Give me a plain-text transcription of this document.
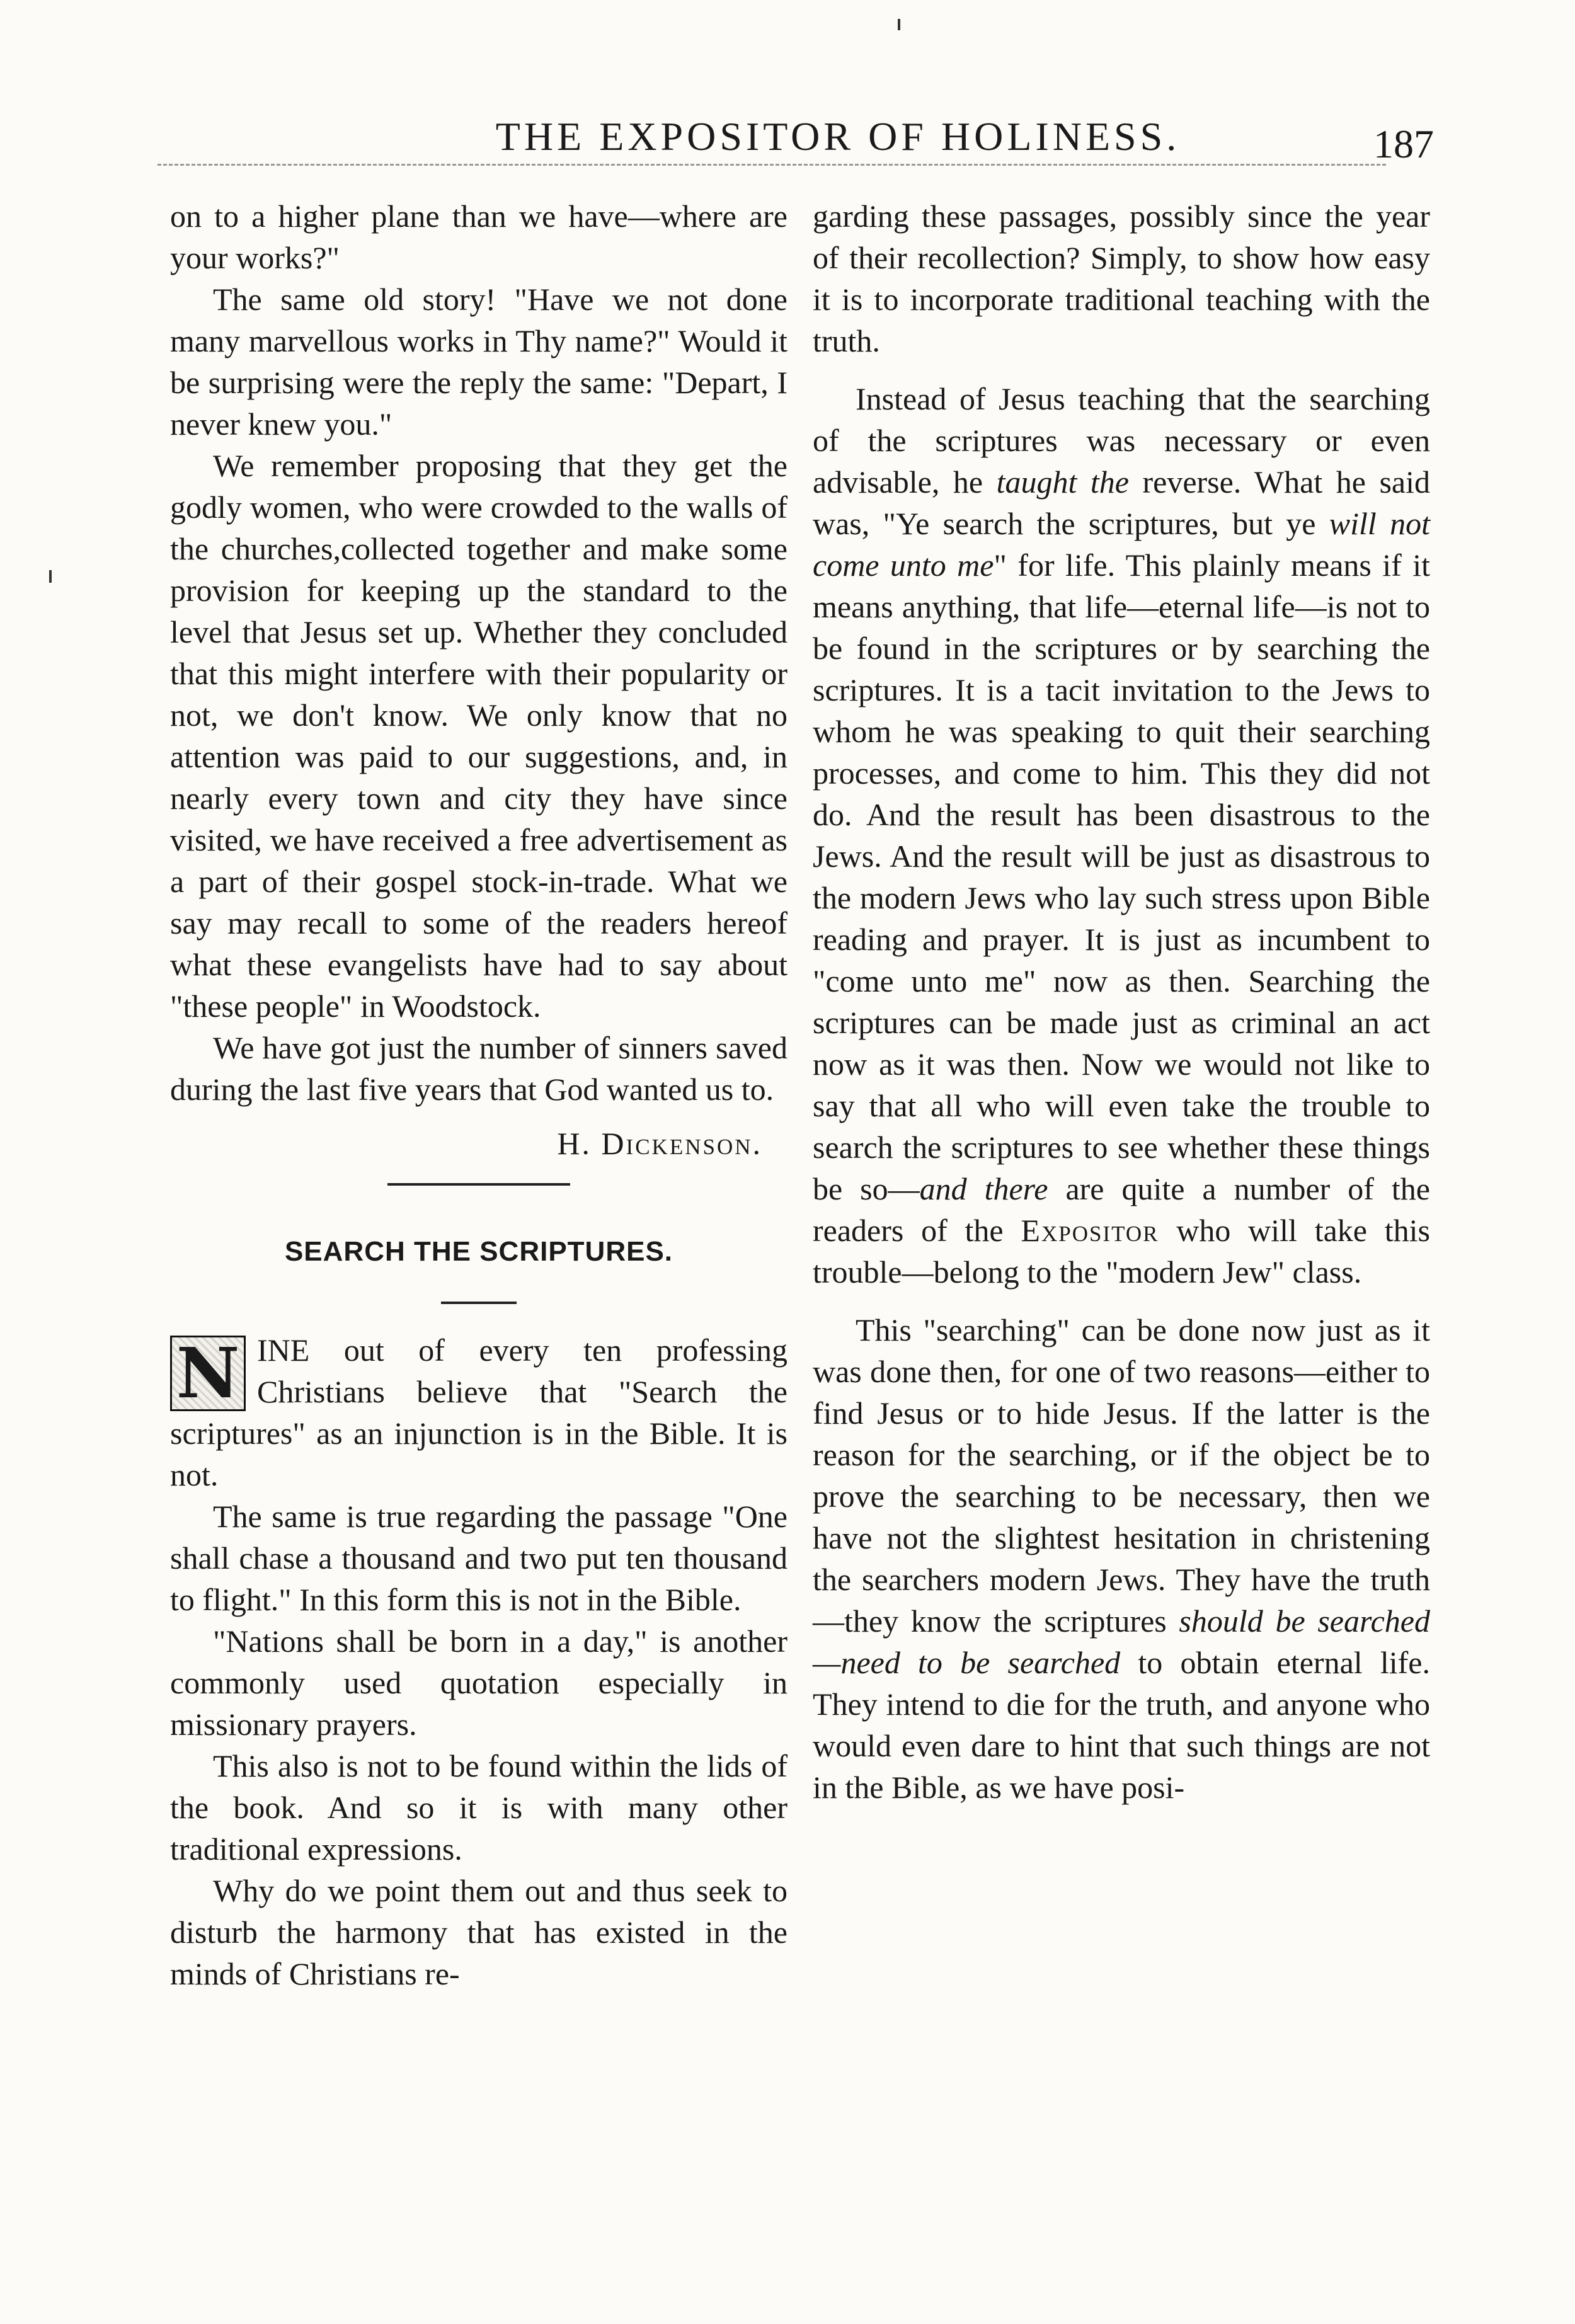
THE EXPOSITOR OF HOLINESS.	187

on to a higher plane than we have—where are your works?"

The same old story! "Have we not done many marvellous works in Thy name?" Would it be surprising were the reply the same: "Depart, I never knew you."

We remember proposing that they get the godly women, who were crowded to the walls of the churches,collected together and make some provision for keeping up the standard to the level that Jesus set up. Whether they concluded that this might interfere with their popularity or not, we don't know. We only know that no attention was paid to our suggestions, and, in nearly every town and city they have since visited, we have received a free advertisement as a part of their gospel stock-in-trade. What we say may recall to some of the readers hereof what these evangelists have had to say about "these people" in Woodstock.

We have got just the number of sinners saved during the last five years that God wanted us to.

H. Dickenson.
SEARCH THE SCRIPTURES.

N INE out of every ten professing Christians believe that "Search the scriptures" as an injunction is in the Bible. It is not.

The same is true regarding the passage "One shall chase a thousand and two put ten thousand to flight." In this form this is not in the Bible.

"Nations shall be born in a day," is another commonly used quotation especially in missionary prayers.

This also is not to be found within the lids of the book. And so it is with many other traditional expressions.

Why do we point them out and thus seek to disturb the harmony that has existed in the minds of Christians re-

garding these passages, possibly since the year of their recollection? Simply, to show how easy it is to incorporate traditional teaching with the truth.

Instead of Jesus teaching that the searching of the scriptures was necessary or even advisable, he taught the reverse. What he said was, "Ye search the scriptures, but ye will not come unto me" for life. This plainly means if it means anything, that life—eternal life—is not to be found in the scriptures or by searching the scriptures. It is a tacit invitation to the Jews to whom he was speaking to quit their searching processes, and come to him. This they did not do. And the result has been disastrous to the Jews. And the result will be just as disastrous to the modern Jews who lay such stress upon Bible reading and prayer. It is just as incumbent to "come unto me" now as then. Searching the scriptures can be made just as criminal an act now as it was then. Now we would not like to say that all who will even take the trouble to search the scriptures to see whether these things be so—and there are quite a number of the readers of the Expositor who will take this trouble—belong to the "modern Jew" class.

This "searching" can be done now just as it was done then, for one of two reasons—either to find Jesus or to hide Jesus. If the latter is the reason for the searching, or if the object be to prove the searching to be necessary, then we have not the slightest hesitation in christening the searchers modern Jews. They have the truth—they know the scriptures should be searched—need to be searched to obtain eternal life. They intend to die for the truth, and anyone who would even dare to hint that such things are not in the Bible, as we have posi-
